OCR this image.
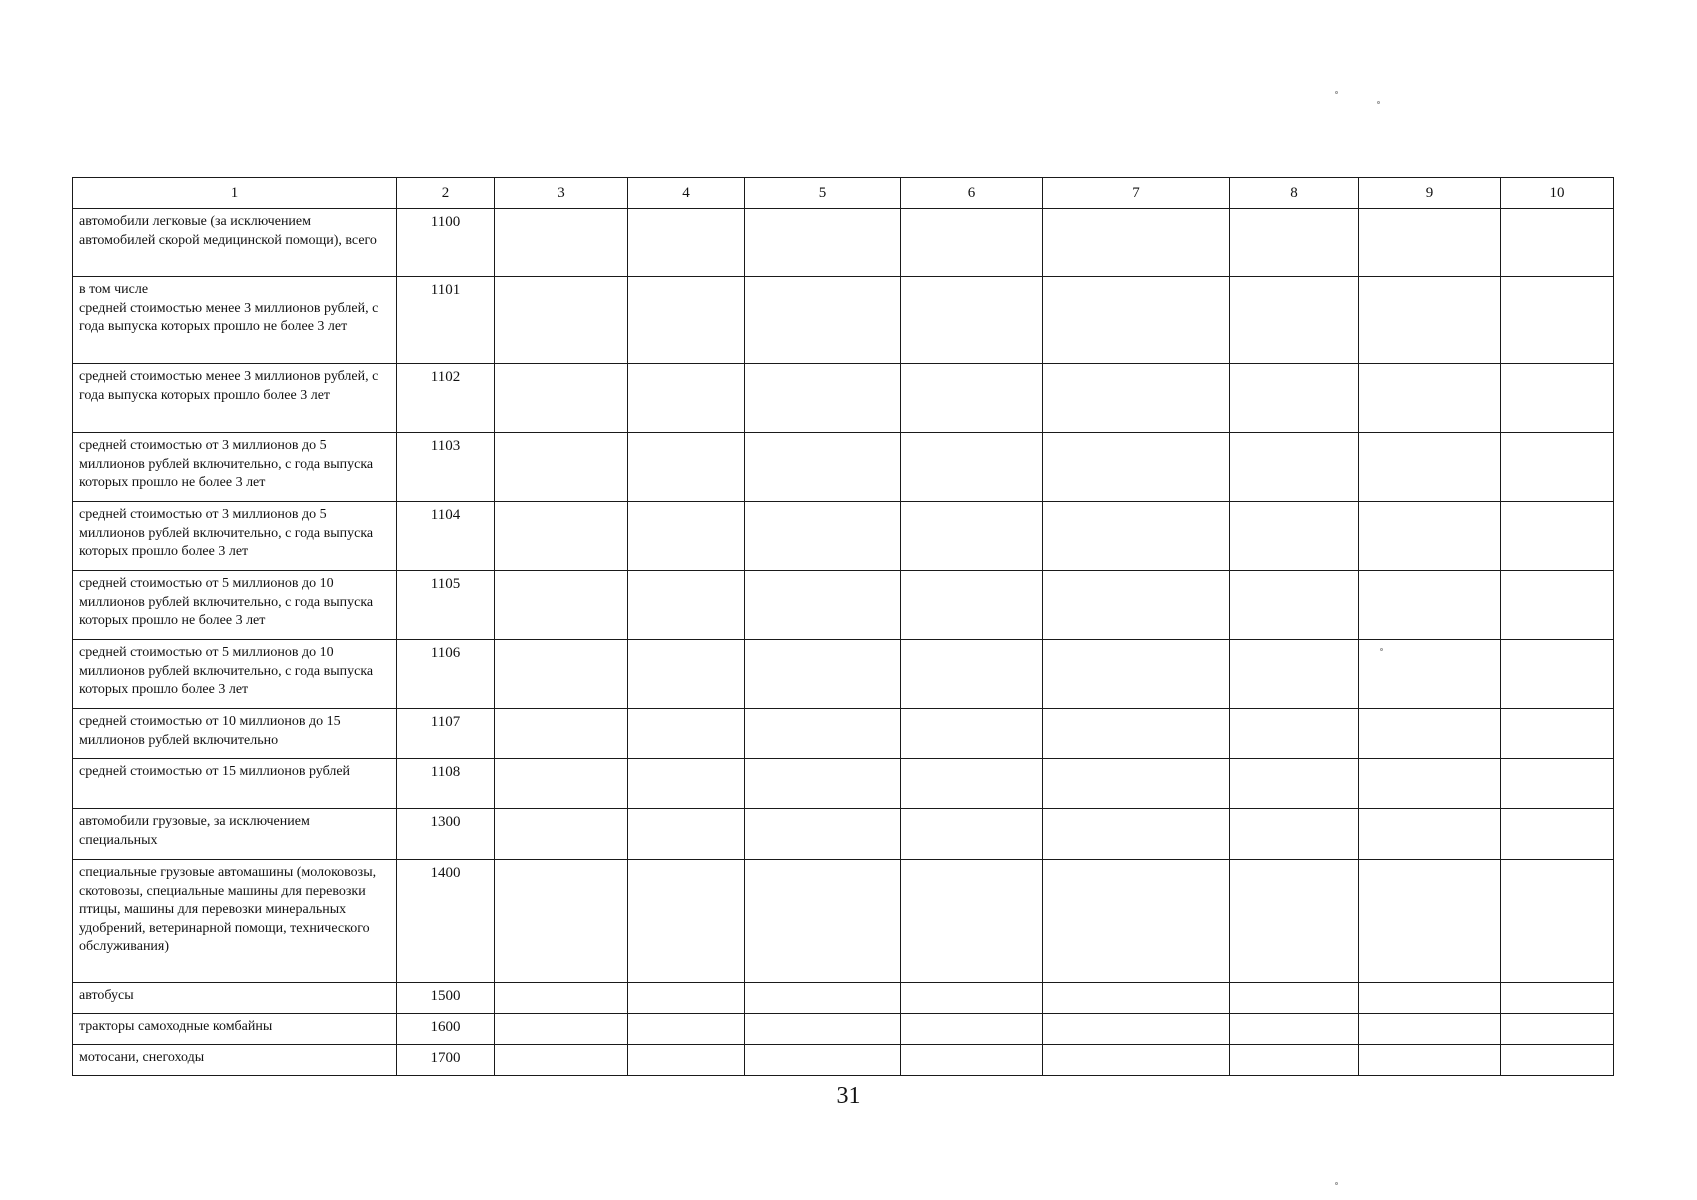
1	2	3	4	5	6	7	8	9	10
автомобили легковые (за исключением автомобилей скорой медицинской помощи), всего	1100								
в том числе
средней стоимостью менее 3 миллионов рублей, с года выпуска которых прошло не более 3 лет	1101								
средней стоимостью менее 3 миллионов рублей, с года выпуска которых прошло более 3 лет	1102								
средней стоимостью от 3 миллионов до 5 миллионов рублей включительно, с года выпуска которых прошло не более 3 лет	1103								
средней стоимостью от 3 миллионов до 5 миллионов рублей включительно, с года выпуска которых прошло более 3 лет	1104								
средней стоимостью от 5 миллионов до 10 миллионов рублей включительно, с года выпуска которых прошло не более 3 лет	1105								
средней стоимостью от 5 миллионов до 10 миллионов рублей включительно, с года выпуска которых прошло более 3 лет	1106								
средней стоимостью от 10 миллионов до 15 миллионов рублей включительно	1107								
средней стоимостью от 15 миллионов рублей	1108								
автомобили грузовые, за исключением специальных	1300								
специальные грузовые автомашины (молоковозы, скотовозы, специальные машины для перевозки птицы, машины для перевозки минеральных удобрений, ветеринарной помощи, технического обслуживания)	1400								
автобусы	1500								
тракторы самоходные комбайны	1600								
мотосани, снегоходы	1700								
31
